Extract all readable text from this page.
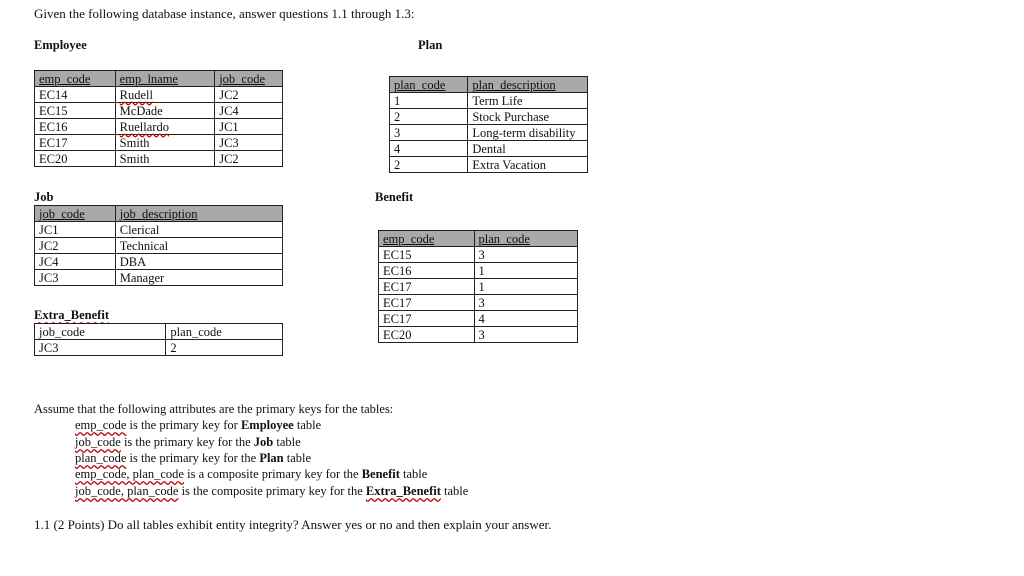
Given the following database instance, answer questions 1.1 through 1.3:
Employee
emp_code	emp_lname	job_code
EC14	Rudell	JC2
EC15	McDade	JC4
EC16	Ruellardo	JC1
EC17	Smith	JC3
EC20	Smith	JC2
Plan
plan_code	plan_description
1	Term Life
2	Stock Purchase
3	Long-term disability
4	Dental
2	Extra Vacation
Job
job_code	job_description
JC1	Clerical
JC2	Technical
JC4	DBA
JC3	Manager
Extra_Benefit
job_code	plan_code
JC3	2
Benefit
emp_code	plan_code
EC15	3
EC16	1
EC17	1
EC17	3
EC17	4
EC20	3
Assume that the following attributes are the primary keys for the tables:
emp_code is the primary key for Employee table
job_code is the primary key for the Job table
plan_code is the primary key for the Plan table
emp_code, plan_code is a composite primary key for the Benefit table
job_code, plan_code is the composite primary key for the Extra_Benefit table
1.1 (2 Points) Do all tables exhibit entity integrity? Answer yes or no and then explain your answer.
